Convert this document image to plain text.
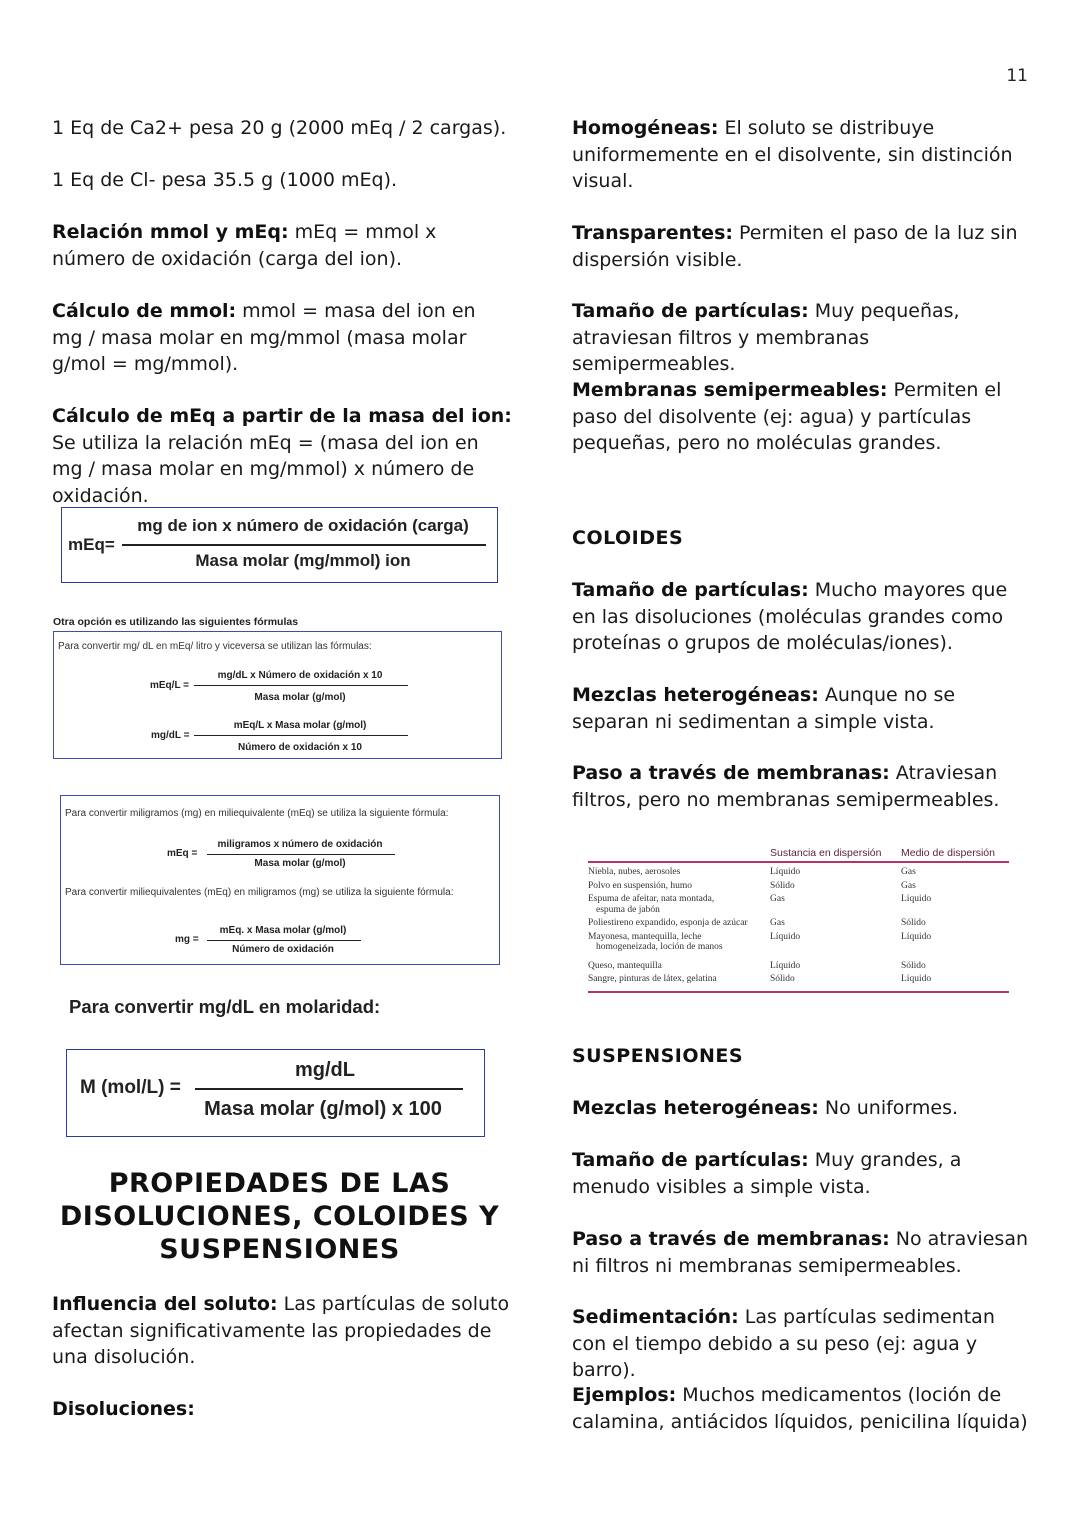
11
1 Eq de Ca2+ pesa 20 g (2000 mEq / 2 cargas).
1 Eq de Cl- pesa 35.5 g (1000 mEq).
Relación mmol y mEq: mEq = mmol x número de oxidación (carga del ion).
Cálculo de mmol: mmol = masa del ion en mg / masa molar en mg/mmol (masa molar g/mol = mg/mmol).
Cálculo de mEq a partir de la masa del ion: Se utiliza la relación mEq = (masa del ion en mg / masa molar en mg/mmol) x número de oxidación.
mEq=
mg de ion x número de oxidación (carga)
Masa molar (mg/mmol) ion
Otra opción es utilizando las siguientes fórmulas
Para convertir mg/ dL en mEq/ litro y viceversa se utilizan las fórmulas:
mEq/L =
mg/dL x Número de oxidación x 10
Masa molar (g/mol)
mg/dL =
mEq/L x Masa molar (g/mol)
Número de oxidación x 10
Para convertir miligramos (mg) en miliequivalente (mEq) se utiliza la siguiente fórmula:
mEq =
miligramos x número de oxidación
Masa molar (g/mol)
Para convertir miliequivalentes (mEq) en miligramos (mg) se utiliza la siguiente fórmula:
mg =
mEq. x Masa molar (g/mol)
Número de oxidación
Para convertir mg/dL en molaridad:
M (mol/L) =
mg/dL
Masa molar (g/mol) x 100
PROPIEDADES DE LAS
DISOLUCIONES, COLOIDES Y
SUSPENSIONES
Influencia del soluto: Las partículas de soluto afectan significativamente las propiedades de una disolución.
Disoluciones:
Homogéneas: El soluto se distribuye uniformemente en el disolvente, sin distinción visual.
Transparentes: Permiten el paso de la luz sin dispersión visible.
Tamaño de partículas: Muy pequeñas, atraviesan filtros y membranas semipermeables.
Membranas semipermeables: Permiten el paso del disolvente (ej: agua) y partículas pequeñas, pero no moléculas grandes.
COLOIDES
Tamaño de partículas: Mucho mayores que en las disoluciones (moléculas grandes como proteínas o grupos de moléculas/iones).
Mezclas heterogéneas: Aunque no se separan ni sedimentan a simple vista.
Paso a través de membranas: Atraviesan filtros, pero no membranas semipermeables.
	Sustancia en dispersión	Medio de dispersión
Niebla, nubes, aerosoles	Líquido	Gas
Polvo en suspensión, humo	Sólido	Gas
Espuma de afeitar, nata montada,
espuma de jabón	Gas	Líquido
Poliestireno expandido, esponja de azúcar	Gas	Sólido
Mayonesa, mantequilla, leche
homogeneizada, loción de manos	Líquido	Líquido
Queso, mantequilla	Líquido	Sólido
Sangre, pinturas de látex, gelatina	Sólido	Líquido
SUSPENSIONES
Mezclas heterogéneas: No uniformes.
Tamaño de partículas: Muy grandes, a menudo visibles a simple vista.
Paso a través de membranas: No atraviesan ni filtros ni membranas semipermeables.
Sedimentación: Las partículas sedimentan con el tiempo debido a su peso (ej: agua y barro).
Ejemplos: Muchos medicamentos (loción de calamina, antiácidos líquidos, penicilina líquida)
